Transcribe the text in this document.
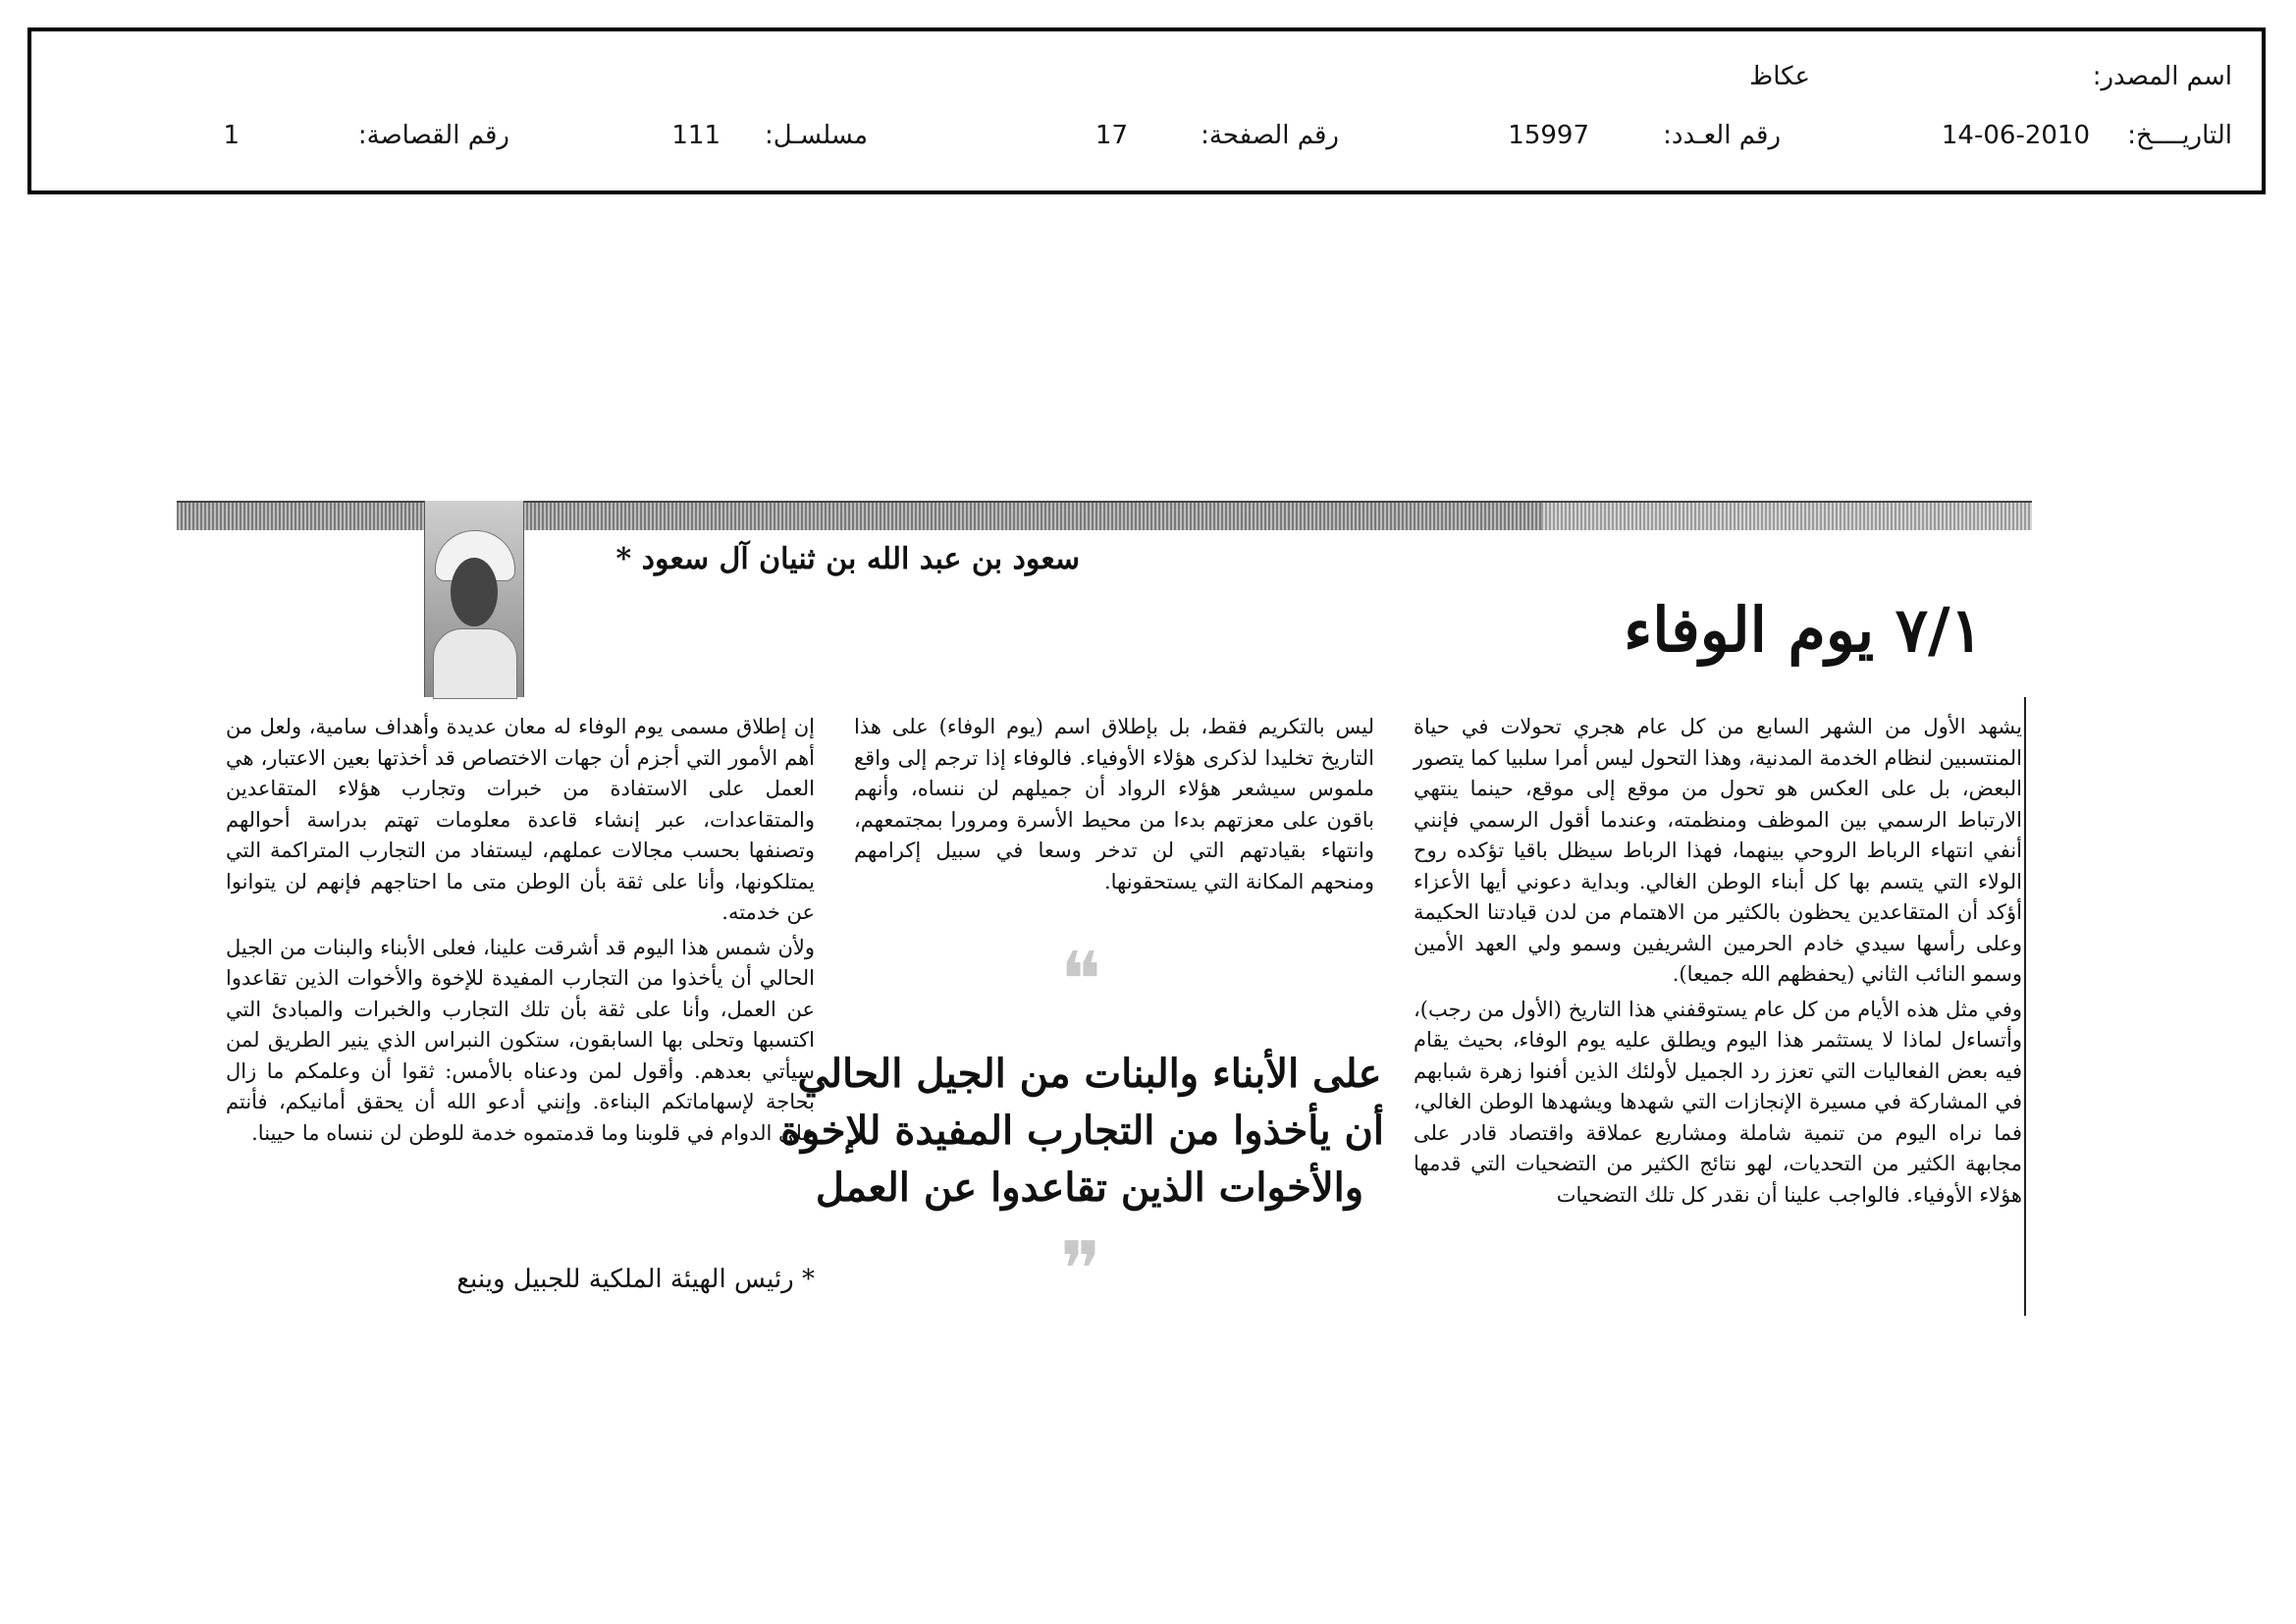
اسم المصدر:
عكاظ
التاريــــخ:
14-06-2010
رقم العـدد:
15997
رقم الصفحة:
17
مسلسـل:
111
رقم القصاصة:
1
سعود بن عبد الله بن ثنيان آل سعود *
٧/١ يوم الوفاء

يشهد الأول من الشهر السابع من كل عام هجري تحولات في حياة المنتسبين لنظام الخدمة المدنية، وهذا التحول ليس أمرا سلبيا كما يتصور البعض، بل على العكس هو تحول من موقع إلى موقع، حينما ينتهي الارتباط الرسمي بين الموظف ومنظمته، وعندما أقول الرسمي فإنني أنفي انتهاء الرباط الروحي بينهما، فهذا الرباط سيظل باقيا تؤكده روح الولاء التي يتسم بها كل أبناء الوطن الغالي. وبداية دعوني أيها الأعزاء أؤكد أن المتقاعدين يحظون بالكثير من الاهتمام من لدن قيادتنا الحكيمة وعلى رأسها سيدي خادم الحرمين الشريفين وسمو ولي العهد الأمين وسمو النائب الثاني (يحفظهم الله جميعا).

وفي مثل هذه الأيام من كل عام يستوقفني هذا التاريخ (الأول من رجب)، وأتساءل لماذا لا يستثمر هذا اليوم ويطلق عليه يوم الوفاء، بحيث يقام فيه بعض الفعاليات التي تعزز رد الجميل لأولئك الذين أفنوا زهرة شبابهم في المشاركة في مسيرة الإنجازات التي شهدها ويشهدها الوطن الغالي، فما نراه اليوم من تنمية شاملة ومشاريع عملاقة واقتصاد قادر على مجابهة الكثير من التحديات، لهو نتائج الكثير من التضحيات التي قدمها هؤلاء الأوفياء. فالواجب علينا أن نقدر كل تلك التضحيات

ليس بالتكريم فقط، بل بإطلاق اسم (يوم الوفاء) على هذا التاريخ تخليدا لذكرى هؤلاء الأوفياء. فالوفاء إذا ترجم إلى واقع ملموس سيشعر هؤلاء الرواد أن جميلهم لن ننساه، وأنهم باقون على معزتهم بدءا من محيط الأسرة ومرورا بمجتمعهم، وانتهاء بقيادتهم التي لن تدخر وسعا في سبيل إكرامهم ومنحهم المكانة التي يستحقونها.

❝
على الأبناء والبنات من الجيل الحالي
أن يأخذوا من التجارب المفيدة للإخوة
والأخوات الذين تقاعدوا عن العمل
❞

إن إطلاق مسمى يوم الوفاء له معان عديدة وأهداف سامية، ولعل من أهم الأمور التي أجزم أن جهات الاختصاص قد أخذتها بعين الاعتبار، هي العمل على الاستفادة من خبرات وتجارب هؤلاء المتقاعدين والمتقاعدات، عبر إنشاء قاعدة معلومات تهتم بدراسة أحوالهم وتصنفها بحسب مجالات عملهم، ليستفاد من التجارب المتراكمة التي يمتلكونها، وأنا على ثقة بأن الوطن متى ما احتاجهم فإنهم لن يتوانوا عن خدمته.

ولأن شمس هذا اليوم قد أشرقت علينا، فعلى الأبناء والبنات من الجيل الحالي أن يأخذوا من التجارب المفيدة للإخوة والأخوات الذين تقاعدوا عن العمل، وأنا على ثقة بأن تلك التجارب والخبرات والمبادئ التي اكتسبها وتحلى بها السابقون، ستكون النبراس الذي ينير الطريق لمن سيأتي بعدهم. وأقول لمن ودعناه بالأمس: ثقوا أن وعلمكم ما زال بحاجة لإسهاماتكم البناءة. وإنني أدعو الله أن يحقق أمانيكم، فأنتم على الدوام في قلوبنا وما قدمتموه خدمة للوطن لن ننساه ما حيينا.

* رئيس الهيئة الملكية للجبيل وينبع
